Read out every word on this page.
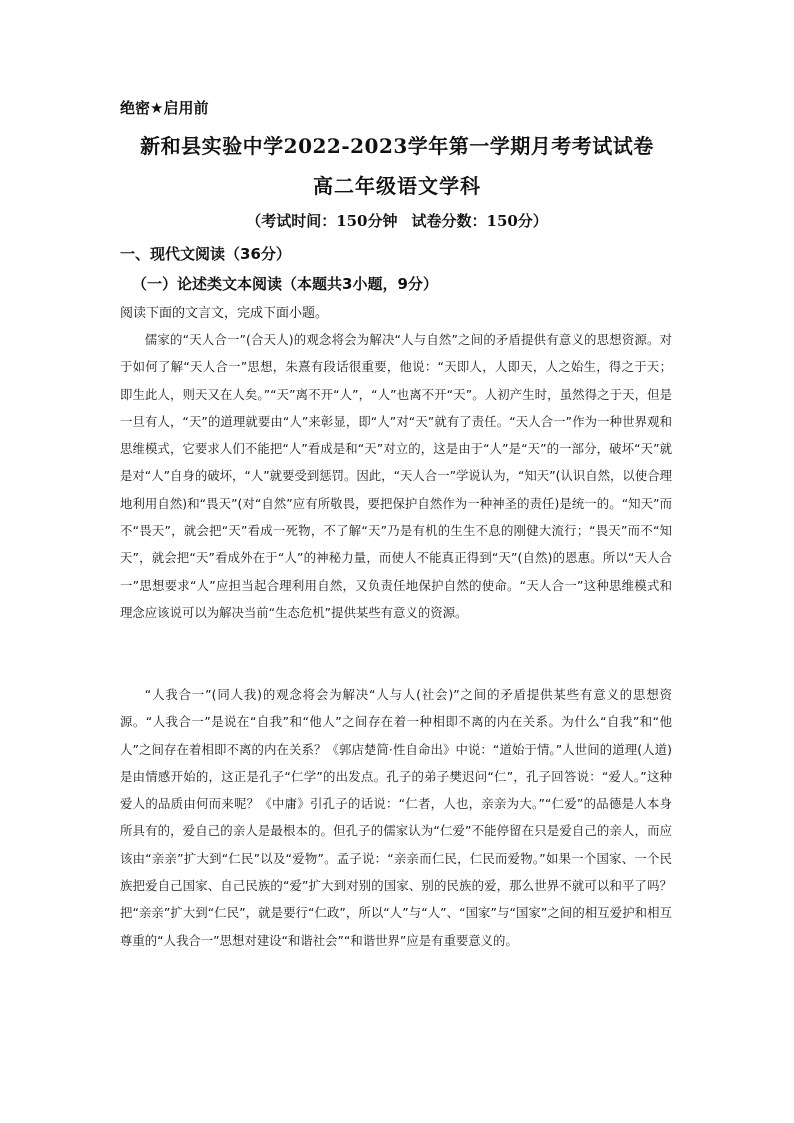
绝密★启用前
新和县实验中学2022-2023学年第一学期月考考试试卷
高二年级语文学科
（考试时间：150分钟 试卷分数：150分）
一、现代文阅读（36分）
（一）论述类文本阅读（本题共3小题，9分）
阅读下面的文言文，完成下面小题。

儒家的“天人合一”(合天人)的观念将会为解决“人与自然”之间的矛盾提供有意义的思想资源。对于如何了解“天人合一”思想，朱熹有段话很重要，他说：“天即人，人即天，人之始生，得之于天；即生此人，则天又在人矣。”“天”离不开“人”，“人”也离不开“天”。人初产生时，虽然得之于天，但是一旦有人，“天”的道理就要由“人”来彰显，即“人”对“天”就有了责任。“天人合一”作为一种世界观和思维模式，它要求人们不能把“人”看成是和“天”对立的，这是由于“人”是“天”的一部分，破坏“天”就是对“人”自身的破坏，“人”就要受到惩罚。因此，“天人合一”学说认为，“知天”(认识自然，以使合理地利用自然)和“畏天”(对“自然”应有所敬畏，要把保护自然作为一种神圣的责任)是统一的。“知天”而不“畏天”，就会把“天”看成一死物，不了解“天”乃是有机的生生不息的刚健大流行；“畏天”而不“知天”，就会把“天”看成外在于“人”的神秘力量，而使人不能真正得到“天”(自然)的恩惠。所以“天人合一”思想要求“人”应担当起合理利用自然，又负责任地保护自然的使命。“天人合一”这种思维模式和理念应该说可以为解决当前“生态危机”提供某些有意义的资源。

“人我合一”(同人我)的观念将会为解决“人与人(社会)”之间的矛盾提供某些有意义的思想资源。“人我合一”是说在“自我”和“他人”之间存在着一种相即不离的内在关系。为什么“自我”和“他人”之间存在着相即不离的内在关系？《郭店楚简·性自命出》中说：“道始于情。”人世间的道理(人道)是由情感开始的，这正是孔子“仁学”的出发点。孔子的弟子樊迟问“仁”，孔子回答说：“爱人。”这种爱人的品质由何而来呢？《中庸》引孔子的话说：“仁者，人也，亲亲为大。”“仁爱”的品德是人本身所具有的，爱自己的亲人是最根本的。但孔子的儒家认为“仁爱”不能停留在只是爱自己的亲人，而应该由“亲亲”扩大到“仁民”以及“爱物”。孟子说：“亲亲而仁民，仁民而爱物。”如果一个国家、一个民族把爱自己国家、自己民族的“爱”扩大到对别的国家、别的民族的爱，那么世界不就可以和平了吗？把“亲亲”扩大到“仁民”，就是要行“仁政”，所以“人”与“人”、“国家”与“国家”之间的相互爱护和相互尊重的“人我合一”思想对建设“和谐社会”“和谐世界”应是有重要意义的。
